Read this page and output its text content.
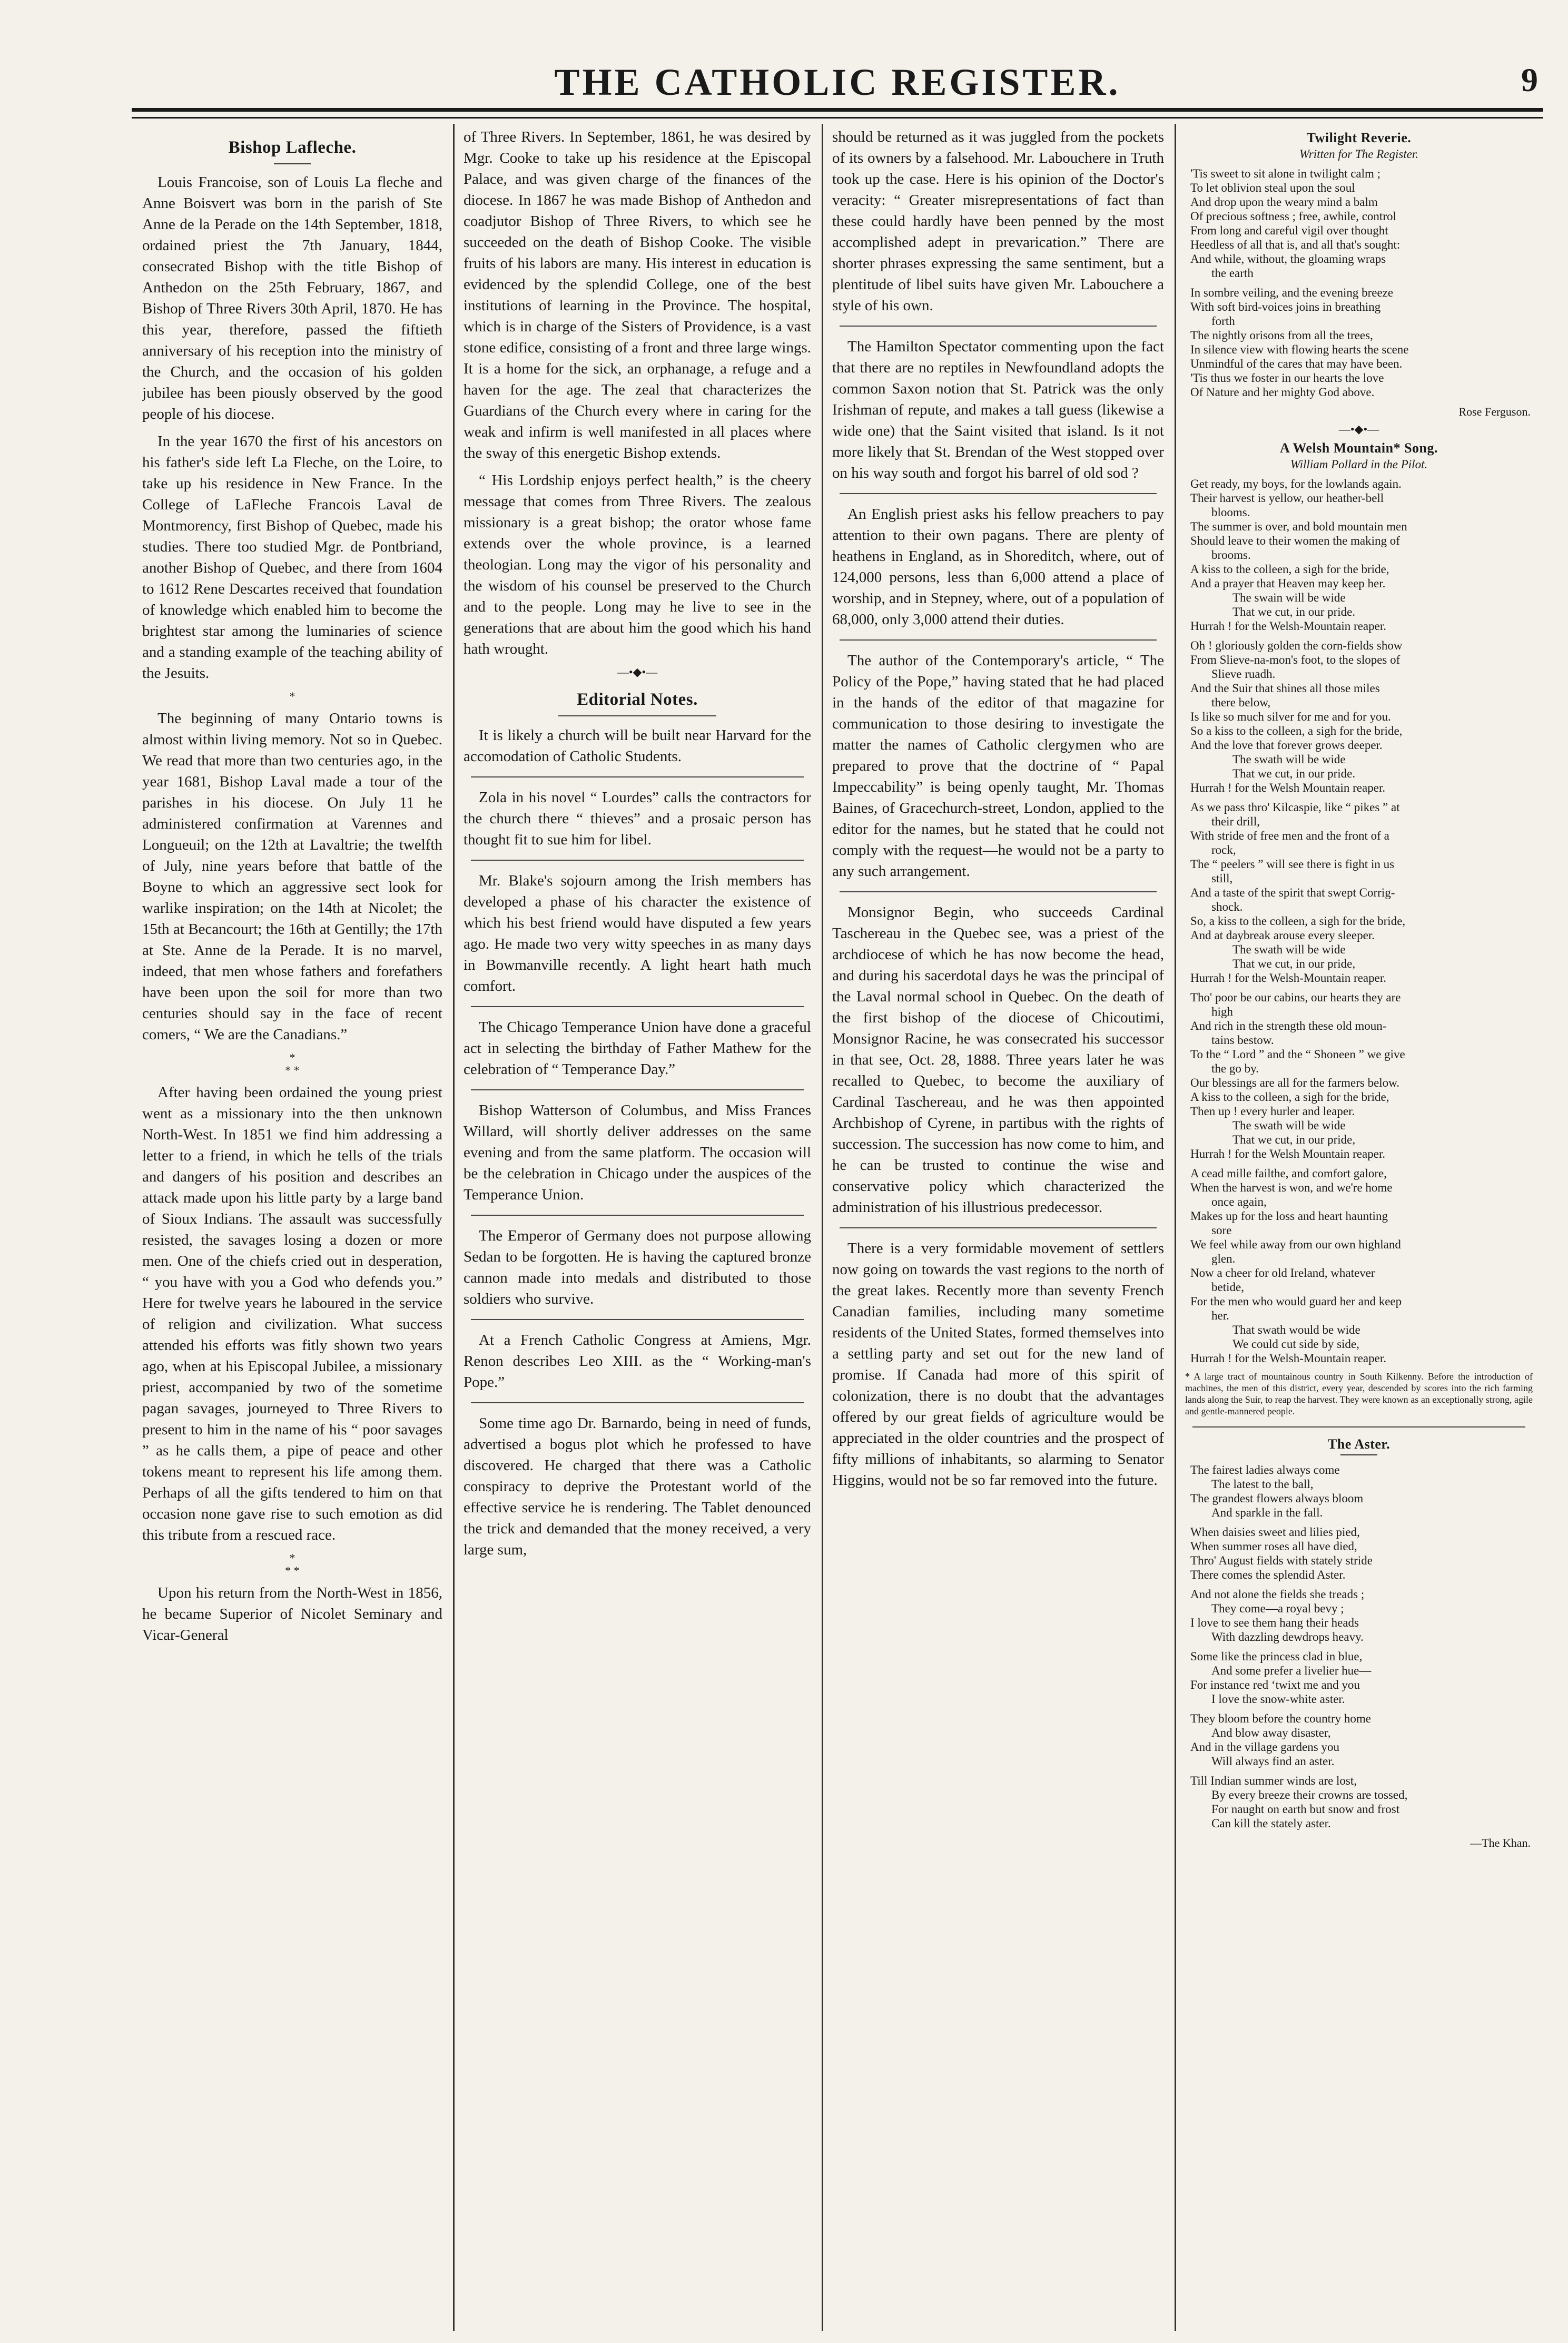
THE CATHOLIC REGISTER.	9
Bishop Lafleche.

Louis Francoise, son of Louis La fleche and Anne Boisvert was born in the parish of Ste Anne de la Perade on the 14th September, 1818, ordained priest the 7th January, 1844, consecrated Bishop with the title Bishop of Anthedon on the 25th February, 1867, and Bishop of Three Rivers 30th April, 1870. He has this year, therefore, passed the fiftieth anniversary of his reception into the ministry of the Church, and the occasion of his golden jubilee has been piously observed by the good people of his diocese.

In the year 1670 the first of his ancestors on his father's side left La Fleche, on the Loire, to take up his residence in New France. In the College of LaFleche Francois Laval de Montmorency, first Bishop of Quebec, made his studies. There too studied Mgr. de Pontbriand, another Bishop of Quebec, and there from 1604 to 1612 Rene Descartes received that foundation of knowledge which enabled him to become the brightest star among the luminaries of science and a standing example of the teaching ability of the Jesuits.

*

The beginning of many Ontario towns is almost within living memory. Not so in Quebec. We read that more than two centuries ago, in the year 1681, Bishop Laval made a tour of the parishes in his diocese. On July 11 he administered confirmation at Varennes and Longueuil; on the 12th at Lavaltrie; the twelfth of July, nine years before that battle of the Boyne to which an aggressive sect look for warlike inspiration; on the 14th at Nicolet; the 15th at Becancourt; the 16th at Gentilly; the 17th at Ste. Anne de la Perade. It is no marvel, indeed, that men whose fathers and forefathers have been upon the soil for more than two centuries should say in the face of recent comers, “ We are the Canadians.”

*
* *

After having been ordained the young priest went as a missionary into the then unknown North-West. In 1851 we find him addressing a letter to a friend, in which he tells of the trials and dangers of his position and describes an attack made upon his little party by a large band of Sioux Indians. The assault was successfully resisted, the savages losing a dozen or more men. One of the chiefs cried out in desperation, “ you have with you a God who defends you.” Here for twelve years he laboured in the service of religion and civilization. What success attended his efforts was fitly shown two years ago, when at his Episcopal Jubilee, a missionary priest, accompanied by two of the sometime pagan savages, journeyed to Three Rivers to present to him in the name of his “ poor savages ” as he calls them, a pipe of peace and other tokens meant to represent his life among them. Perhaps of all the gifts tendered to him on that occasion none gave rise to such emotion as did this tribute from a rescued race.

*
* *

Upon his return from the North-West in 1856, he became Superior of Nicolet Seminary and Vicar-General

of Three Rivers. In September, 1861, he was desired by Mgr. Cooke to take up his residence at the Episcopal Palace, and was given charge of the finances of the diocese. In 1867 he was made Bishop of Anthedon and coadjutor Bishop of Three Rivers, to which see he succeeded on the death of Bishop Cooke. The visible fruits of his labors are many. His interest in education is evidenced by the splendid College, one of the best institutions of learning in the Province. The hospital, which is in charge of the Sisters of Providence, is a vast stone edifice, consisting of a front and three large wings. It is a home for the sick, an orphanage, a refuge and a haven for the age. The zeal that characterizes the Guardians of the Church every where in caring for the weak and infirm is well manifested in all places where the sway of this energetic Bishop extends.

“ His Lordship enjoys perfect health,” is the cheery message that comes from Three Rivers. The zealous missionary is a great bishop; the orator whose fame extends over the whole province, is a learned theologian. Long may the vigor of his personality and the wisdom of his counsel be preserved to the Church and to the people. Long may he live to see in the generations that are about him the good which his hand hath wrought.

—•◆•—
Editorial Notes.

It is likely a church will be built near Harvard for the accomodation of Catholic Students.

Zola in his novel “ Lourdes” calls the contractors for the church there “ thieves” and a prosaic person has thought fit to sue him for libel.

Mr. Blake's sojourn among the Irish members has developed a phase of his character the existence of which his best friend would have disputed a few years ago. He made two very witty speeches in as many days in Bowmanville recently. A light heart hath much comfort.

The Chicago Temperance Union have done a graceful act in selecting the birthday of Father Mathew for the celebration of “ Temperance Day.”

Bishop Watterson of Columbus, and Miss Frances Willard, will shortly deliver addresses on the same evening and from the same platform. The occasion will be the celebration in Chicago under the auspices of the Temperance Union.

The Emperor of Germany does not purpose allowing Sedan to be forgotten. He is having the captured bronze cannon made into medals and distributed to those soldiers who survive.

At a French Catholic Congress at Amiens, Mgr. Renon describes Leo XIII. as the “ Working-man's Pope.”

Some time ago Dr. Barnardo, being in need of funds, advertised a bogus plot which he professed to have discovered. He charged that there was a Catholic conspiracy to deprive the Protestant world of the effective service he is rendering. The Tablet denounced the trick and demanded that the money received, a very large sum,

should be returned as it was juggled from the pockets of its owners by a falsehood. Mr. Labouchere in Truth took up the case. Here is his opinion of the Doctor's veracity: “ Greater misrepresentations of fact than these could hardly have been penned by the most accomplished adept in prevarication.” There are shorter phrases expressing the same sentiment, but a plentitude of libel suits have given Mr. Labouchere a style of his own.

The Hamilton Spectator commenting upon the fact that there are no reptiles in Newfoundland adopts the common Saxon notion that St. Patrick was the only Irishman of repute, and makes a tall guess (likewise a wide one) that the Saint visited that island. Is it not more likely that St. Brendan of the West stopped over on his way south and forgot his barrel of old sod ?

An English priest asks his fellow preachers to pay attention to their own pagans. There are plenty of heathens in England, as in Shoreditch, where, out of 124,000 persons, less than 6,000 attend a place of worship, and in Stepney, where, out of a population of 68,000, only 3,000 attend their duties.

The author of the Contemporary's article, “ The Policy of the Pope,” having stated that he had placed in the hands of the editor of that magazine for communication to those desiring to investigate the matter the names of Catholic clergymen who are prepared to prove that the doctrine of “ Papal Impeccability” is being openly taught, Mr. Thomas Baines, of Gracechurch-street, London, applied to the editor for the names, but he stated that he could not comply with the request—he would not be a party to any such arrangement.

Monsignor Begin, who succeeds Cardinal Taschereau in the Quebec see, was a priest of the archdiocese of which he has now become the head, and during his sacerdotal days he was the principal of the Laval normal school in Quebec. On the death of the first bishop of the diocese of Chicoutimi, Monsignor Racine, he was consecrated his successor in that see, Oct. 28, 1888. Three years later he was recalled to Quebec, to become the auxiliary of Cardinal Taschereau, and he was then appointed Archbishop of Cyrene, in partibus with the rights of succession. The succession has now come to him, and he can be trusted to continue the wise and conservative policy which characterized the administration of his illustrious predecessor.

There is a very formidable movement of settlers now going on towards the vast regions to the north of the great lakes. Recently more than seventy French Canadian families, including many sometime residents of the United States, formed themselves into a settling party and set out for the new land of promise. If Canada had more of this spirit of colonization, there is no doubt that the advantages offered by our great fields of agriculture would be appreciated in the older countries and the prospect of fifty millions of inhabitants, so alarming to Senator Higgins, would not be so far removed into the future.

Twilight Reverie.
Written for The Register.
'Tis sweet to sit alone in twilight calm ;
To let oblivion steal upon the soul
And drop upon the weary mind a balm
Of precious softness ; free, awhile, control
From long and careful vigil over thought
Heedless of all that is, and all that's sought:
And while, without, the gloaming wraps
the earth

In sombre veiling, and the evening breeze
With soft bird-voices joins in breathing
forth
The nightly orisons from all the trees,
In silence view with flowing hearts the scene
Unmindful of the cares that may have been.
'Tis thus we foster in our hearts the love
Of Nature and her mighty God above.
Rose Ferguson.
—•◆•—
A Welsh Mountain* Song.
William Pollard in the Pilot.
Get ready, my boys, for the lowlands again.
Their harvest is yellow, our heather-bell
blooms.
The summer is over, and bold mountain men
Should leave to their women the making of
brooms.
A kiss to the colleen, a sigh for the bride,
And a prayer that Heaven may keep her.
The swain will be wide
That we cut, in our pride.
Hurrah ! for the Welsh-Mountain reaper.

Oh ! gloriously golden the corn-fields show
From Slieve-na-mon's foot, to the slopes of
Slieve ruadh.
And the Suir that shines all those miles
there below,
Is like so much silver for me and for you.
So a kiss to the colleen, a sigh for the bride,
And the love that forever grows deeper.
The swath will be wide
That we cut, in our pride.
Hurrah ! for the Welsh Mountain reaper.

As we pass thro' Kilcaspie, like “ pikes ” at
their drill,
With stride of free men and the front of a
rock,
The “ peelers ” will see there is fight in us
still,
And a taste of the spirit that swept Corrig-
shock.
So, a kiss to the colleen, a sigh for the bride,
And at daybreak arouse every sleeper.
The swath will be wide
That we cut, in our pride,
Hurrah ! for the Welsh-Mountain reaper.

Tho' poor be our cabins, our hearts they are
high
And rich in the strength these old moun-
tains bestow.
To the “ Lord ” and the “ Shoneen ” we give
the go by.
Our blessings are all for the farmers below.
A kiss to the colleen, a sigh for the bride,
Then up ! every hurler and leaper.
The swath will be wide
That we cut, in our pride,
Hurrah ! for the Welsh Mountain reaper.

A cead mille failthe, and comfort galore,
When the harvest is won, and we're home
once again,
Makes up for the loss and heart haunting
sore
We feel while away from our own highland
glen.
Now a cheer for old Ireland, whatever
betide,
For the men who would guard her and keep
her.
That swath would be wide
We could cut side by side,
Hurrah ! for the Welsh-Mountain reaper.
* A large tract of mountainous country in South Kilkenny. Before the introduction of machines, the men of this district, every year, descended by scores into the rich farming lands along the Suir, to reap the harvest. They were known as an exceptionally strong, agile and gentle-mannered people.
The Aster.
The fairest ladies always come
The latest to the ball,
The grandest flowers always bloom
And sparkle in the fall.

When daisies sweet and lilies pied,
When summer roses all have died,
Thro' August fields with stately stride
There comes the splendid Aster.

And not alone the fields she treads ;
They come—a royal bevy ;
I love to see them hang their heads
With dazzling dewdrops heavy.

Some like the princess clad in blue,
And some prefer a livelier hue—
For instance red ‘twixt me and you
I love the snow-white aster.

They bloom before the country home
And blow away disaster,
And in the village gardens you
Will always find an aster.

Till Indian summer winds are lost,
By every breeze their crowns are tossed,
For naught on earth but snow and frost
Can kill the stately aster.
—The Khan.
